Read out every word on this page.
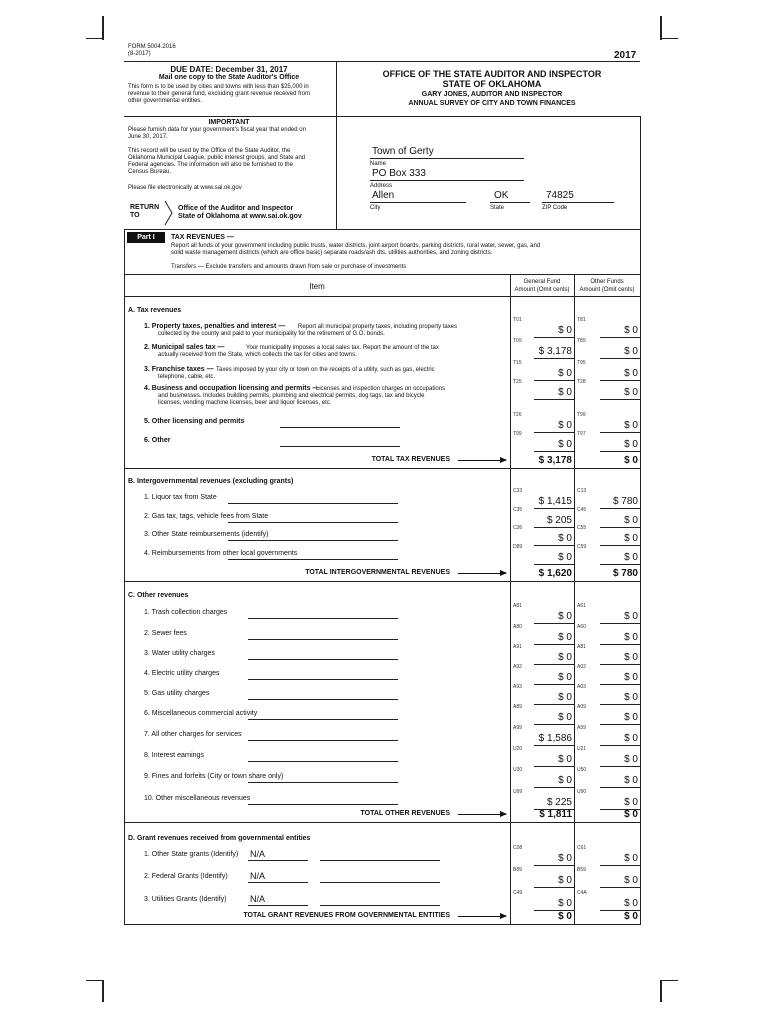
FORM 5004.2016
(8-2017)	2017
DUE DATE: December 31, 2017
Mail one copy to the State Auditor's Office
This form is to be used by cities and towns with less than $25,000 in
revenue to their general fund, excluding grant revenue received from
other governmental entities.
OFFICE OF THE STATE AUDITOR AND INSPECTOR
STATE OF OKLAHOMA
GARY JONES, AUDITOR AND INSPECTOR
ANNUAL SURVEY OF CITY AND TOWN FINANCES
IMPORTANT
Please furnish data for your government's fiscal year that ended on
June 30, 2017.
This record will be used by the Office of the State Auditor, the
Oklahoma Municipal League, public interest groups, and State and
Federal agencies. The information will also be furnished to the
Census Bureau.
Please file electronically at www.sai.ok.gov
RETURN
TO
Office of the Auditor and Inspector
State of Oklahoma at www.sai.ok.gov
Town of Gerty
Name
PO Box 333
Address
Allen
City
OK
State
74825
ZIP Code
Part I	TAX REVENUES —
Report all funds of your government including public trusts, water districts, joint airport boards, parking districts, rural water, sewer, gas, and
solid waste management districts (which are office basic) separate roads/ash dts, utilities authorities, and zoning districts.
Transfers — Exclude transfers and amounts drawn from sale or purchase of investments
Item	General Fund
Amount (Omit cents)
Other Funds
Amount (Omit cents)
A. Tax revenues
1. Property taxes, penalties and interest — Report all municipal property taxes, including property taxes
collected by the county and paid to your municipality for the retirement of G.O. bonds.
T01	T81
$ 0	$ 0
2. Municipal sales tax —	Your municipality imposes a local sales tax. Report the amount of the tax
actually received from the State, which collects the tax for cities and towns.
T09	T89
$ 3,178	$ 0
3. Franchise taxes — Taxes imposed by your city or town on the receipts of a utility, such as gas, electric
telephone, cable, etc.
T15	T95
$ 0	$ 0
4. Business and occupation licensing and permits —
Licenses and inspection charges on occupations
and businesses. Includes building permits, plumbing and electrical permits, dog tags, tax and bicycle
licenses, vending machine licenses, beer and liquor licenses, etc.
T25	T28
$ 0	$ 0
5. Other licensing and permits
T26	T99
$ 0	$ 0
6. Other
T99	T97
$ 0	$ 0
TOTAL TAX REVENUES	$ 3,178	$ 0
B. Intergovernmental revenues (excluding grants)
1. Liquor tax from State
C33	C13
$ 1,415	$ 780
2. Gas tax, tags, vehicle fees from State
C35	C45
$ 205	$ 0
3. Other State reimbursements (identify)
C36	C55
$ 0	$ 0
4. Reimbursements from other local governments
D89	C59
$ 0	$ 0
TOTAL INTERGOVERNMENTAL REVENUES	$ 1,620	$ 780
C. Other revenues
1. Trash collection charges
A81	A61
$ 0	$ 0
2. Sewer fees
A80	A60
$ 0	$ 0
3. Water utility charges
A91	A81
$ 0	$ 0
4. Electric utility charges
A92	A02
$ 0	$ 0
5. Gas utility charges
A93	A03
$ 0	$ 0
6. Miscellaneous commercial activity
A89	A09
$ 0	$ 0
7. All other charges for services
A99	A59
$ 1,586	$ 0
8. Interest earnings
U20	U21
$ 0	$ 0
9. Fines and forfeits (City or town share only)
U30	U50
$ 0	$ 0
10. Other miscellaneous revenues
U99	U90
$ 225	$ 0
TOTAL OTHER REVENUES	$ 1,811	$ 0
D. Grant revenues received from governmental entities
1. Other State grants (Identify) N/A
C08	C61
$ 0	$ 0
2. Federal Grants (Identify) N/A
B89	B59
$ 0	$ 0
3. Utilities Grants (Identify)	N/A
C49	C4A
$ 0	$ 0
TOTAL GRANT REVENUES FROM GOVERNMENTAL ENTITIES	$ 0	$ 0
